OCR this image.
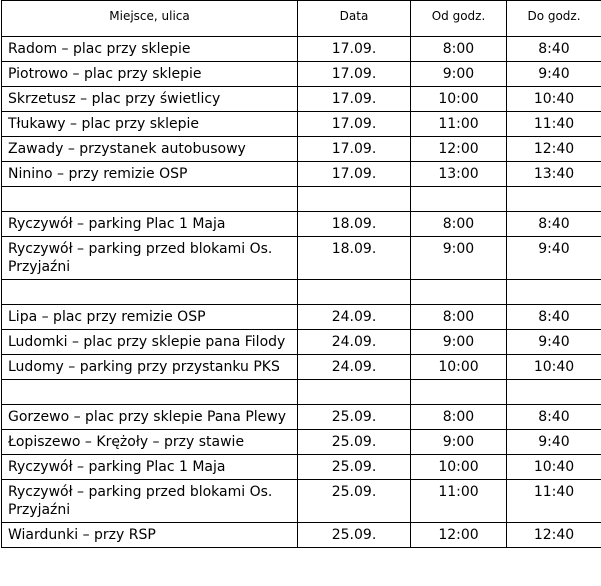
Miejsce, ulica	Data	Od godz.	Do godz.
Radom – plac przy sklepie	17.09.	8:00	8:40
Piotrowo – plac przy sklepie	17.09.	9:00	9:40
Skrzetusz – plac przy świetlicy	17.09.	10:00	10:40
Tłukawy – plac przy sklepie	17.09.	11:00	11:40
Zawady – przystanek autobusowy	17.09.	12:00	12:40
Ninino – przy remizie OSP	17.09.	13:00	13:40

Ryczywół – parking Plac 1 Maja	18.09.	8:00	8:40
Ryczywół – parking przed blokami Os. Przyjaźni	18.09.	9:00	9:40

Lipa – plac przy remizie OSP	24.09.	8:00	8:40
Ludomki – plac przy sklepie pana Filody	24.09.	9:00	9:40
Ludomy – parking przy przystanku PKS	24.09.	10:00	10:40

Gorzewo – plac przy sklepie Pana Plewy	25.09.	8:00	8:40
Łopiszewo – Krężoły – przy stawie	25.09.	9:00	9:40
Ryczywół – parking Plac 1 Maja	25.09.	10:00	10:40
Ryczywół – parking przed blokami Os. Przyjaźni	25.09.	11:00	11:40
Wiardunki – przy RSP	25.09.	12:00	12:40
